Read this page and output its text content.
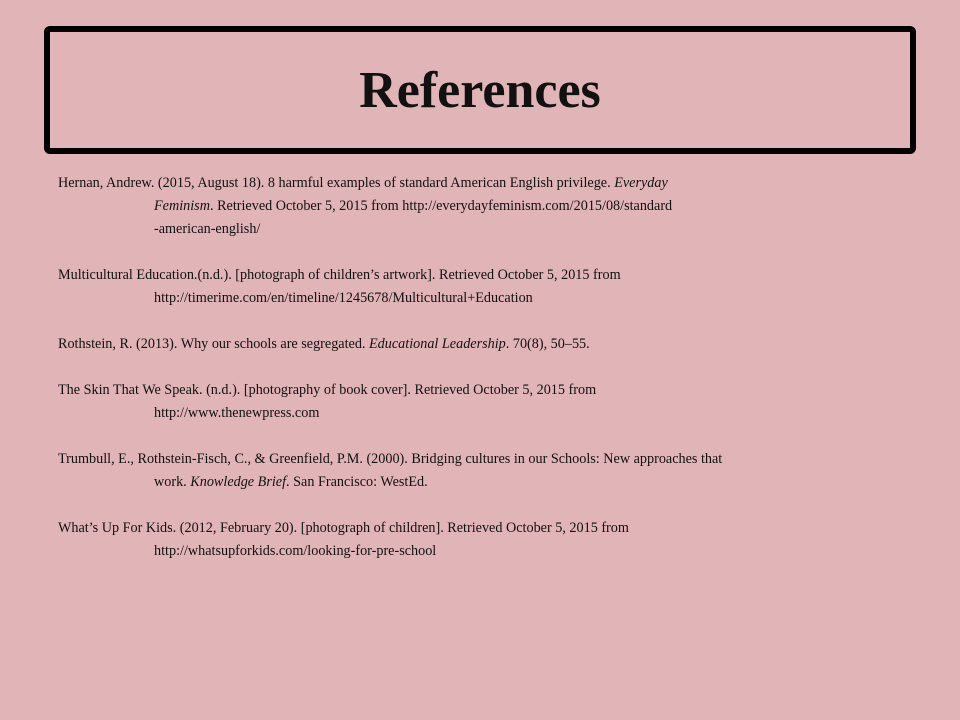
References
Hernan, Andrew. (2015, August 18). 8 harmful examples of standard American English privilege. Everyday
Feminism. Retrieved October 5, 2015 from http://everydayfeminism.com/2015/08/standard
-american-english/
Multicultural Education.(n.d.). [photograph of children’s artwork]. Retrieved October 5, 2015 from
http://timerime.com/en/timeline/1245678/Multicultural+Education
Rothstein, R. (2013). Why our schools are segregated. Educational Leadership. 70(8), 50–55.
The Skin That We Speak. (n.d.). [photography of book cover]. Retrieved October 5, 2015 from
http://www.thenewpress.com
Trumbull, E., Rothstein-Fisch, C., & Greenfield, P.M. (2000). Bridging cultures in our Schools: New approaches that
work. Knowledge Brief. San Francisco: WestEd.
What’s Up For Kids. (2012, February 20). [photograph of children]. Retrieved October 5, 2015 from
http://whatsupforkids.com/looking-for-pre-school
